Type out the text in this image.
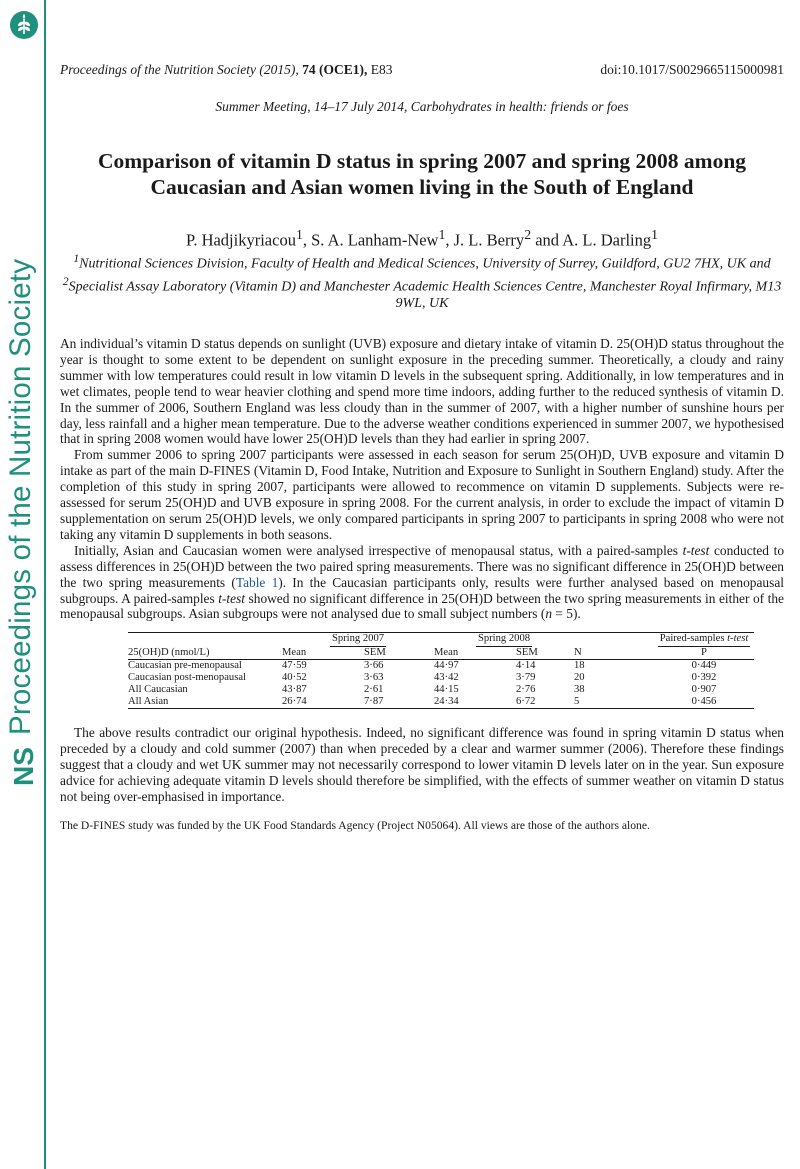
Proceedings of the Nutrition Society
NS
Proceedings of the Nutrition Society (2015), 74 (OCE1), E83	doi:10.1017/S0029665115000981
Summer Meeting, 14–17 July 2014, Carbohydrates in health: friends or foes
Comparison of vitamin D status in spring 2007 and spring 2008 among
Caucasian and Asian women living in the South of England
P. Hadjikyriacou$^1$, S. A. Lanham-New$^1$, J. L. Berry$^2$ and A. L. Darling$^1$
$^1$Nutritional Sciences Division, Faculty of Health and Medical Sciences, University of Surrey, Guildford, GU2 7HX, UK and $^2$Specialist Assay Laboratory (Vitamin D) and Manchester Academic Health Sciences Centre, Manchester Royal Infirmary, M13 9WL, UK

An individual’s vitamin D status depends on sunlight (UVB) exposure and dietary intake of vitamin D. 25(OH)D status throughout the year is thought to some extent to be dependent on sunlight exposure in the preceding summer. Theoretically, a cloudy and rainy summer with low temperatures could result in low vitamin D levels in the subsequent spring. Additionally, in low temperatures and in wet climates, people tend to wear heavier clothing and spend more time indoors, adding further to the reduced synthesis of vitamin D. In the summer of 2006, Southern England was less cloudy than in the summer of 2007, with a higher number of sunshine hours per day, less rainfall and a higher mean temperature. Due to the adverse weather conditions experienced in summer 2007, we hypothesised that in spring 2008 women would have lower 25(OH)D levels than they had earlier in spring 2007.

From summer 2006 to spring 2007 participants were assessed in each season for serum 25(OH)D, UVB exposure and vitamin D intake as part of the main D-FINES (Vitamin D, Food Intake, Nutrition and Exposure to Sunlight in Southern England) study. After the completion of this study in spring 2007, participants were allowed to recommence on vitamin D supplements. Subjects were re-assessed for serum 25(OH)D and UVB exposure in spring 2008. For the current analysis, in order to exclude the impact of vitamin D supplementation on serum 25(OH)D levels, we only compared participants in spring 2007 to participants in spring 2008 who were not taking any vitamin D supplements in both seasons.

Initially, Asian and Caucasian women were analysed irrespective of menopausal status, with a paired-samples t-test conducted to assess differences in 25(OH)D between the two paired spring measurements. There was no significant difference in 25(OH)D between the two spring measurements (Table 1). In the Caucasian participants only, results were further analysed based on menopausal subgroups. A paired-samples t-test showed no significant difference in 25(OH)D between the two spring measurements in either of the menopausal subgroups. Asian subgroups were not analysed due to small subject numbers (n = 5).

	Spring 2007		Spring 2008			Paired-samples t-test
25(OH)D (nmol/L)	Mean	SEM	Mean	SEM	N	P
Caucasian pre-menopausal	47·59	3·66	44·97	4·14	18	0·449
Caucasian post-menopausal	40·52	3·63	43·42	3·79	20	0·392
All Caucasian	43·87	2·61	44·15	2·76	38	0·907
All Asian	26·74	7·87	24·34	6·72	5	0·456

The above results contradict our original hypothesis. Indeed, no significant difference was found in spring vitamin D status when preceded by a cloudy and cold summer (2007) than when preceded by a clear and warmer summer (2006). Therefore these findings suggest that a cloudy and wet UK summer may not necessarily correspond to lower vitamin D levels later on in the year. Sun exposure advice for achieving adequate vitamin D levels should therefore be simplified, with the effects of summer weather on vitamin D status not being over-emphasised in importance.

The D-FINES study was funded by the UK Food Standards Agency (Project N05064). All views are those of the authors alone.
